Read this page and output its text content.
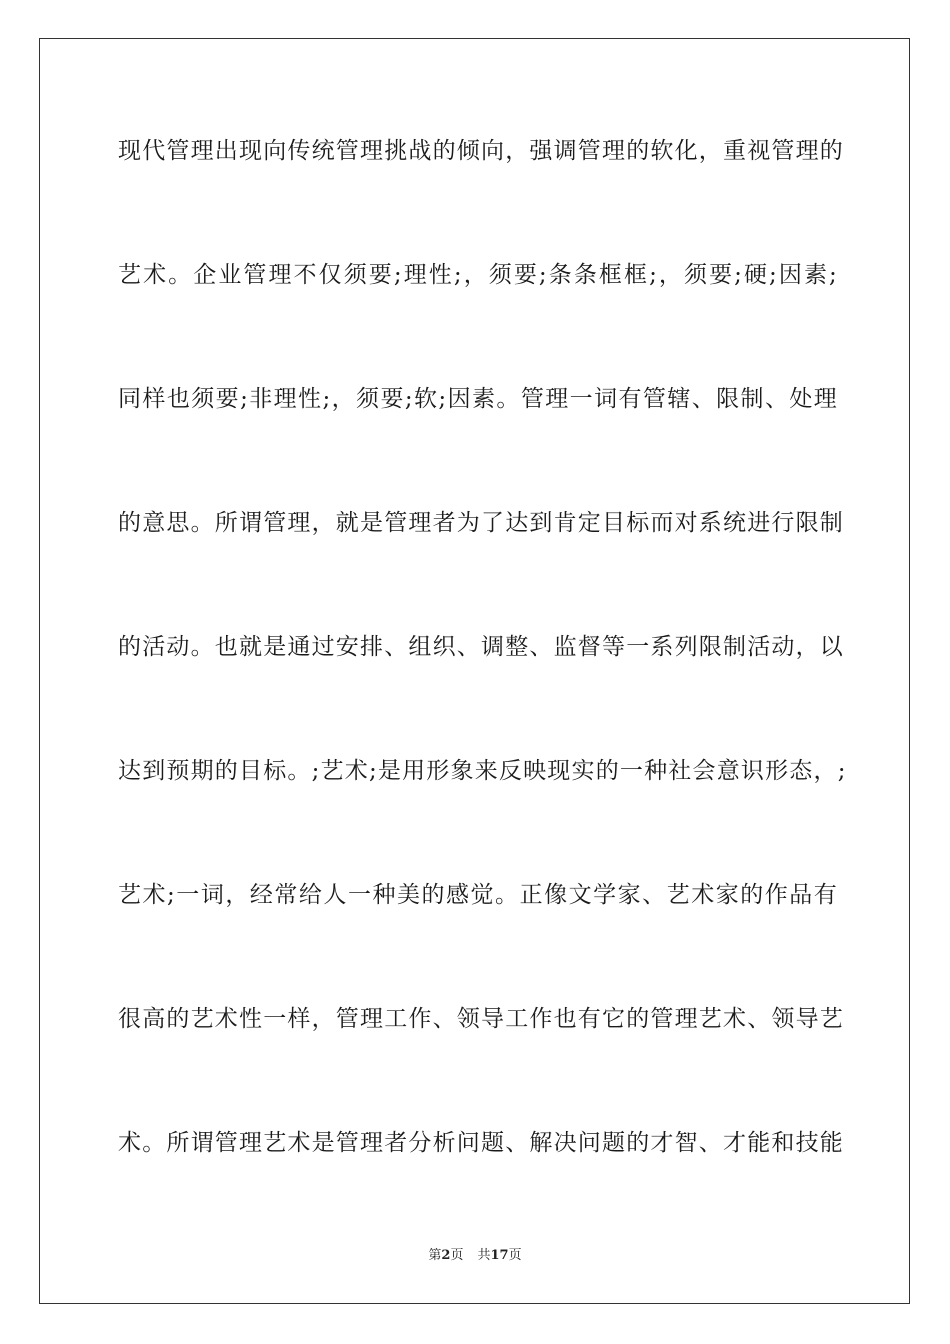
现代管理出现向传统管理挑战的倾向，强调管理的软化，重视管理的
艺术。企业管理不仅须要;理性;，须要;条条框框;，须要;硬;因素;
同样也须要;非理性;，须要;软;因素。管理一词有管辖、限制、处理
的意思。所谓管理，就是管理者为了达到肯定目标而对系统进行限制
的活动。也就是通过安排、组织、调整、监督等一系列限制活动，以
达到预期的目标。;艺术;是用形象来反映现实的一种社会意识形态，;
艺术;一词，经常给人一种美的感觉。正像文学家、艺术家的作品有
很高的艺术性一样，管理工作、领导工作也有它的管理艺术、领导艺
术。所谓管理艺术是管理者分析问题、解决问题的才智、才能和技能
第2页 共17页
